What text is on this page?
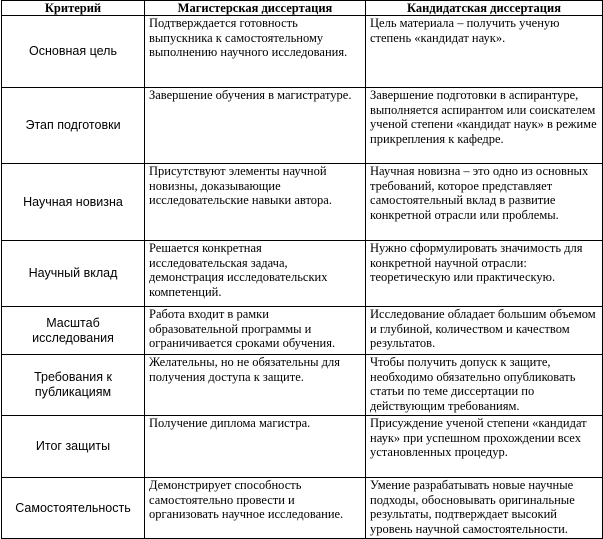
Критерий	Магистерская диссертация	Кандидатская диссертация
Основная цель	Подтверждается готовность выпускника к самостоятельному выполнению научного исследования.	Цель материала – получить ученую степень «кандидат наук».
Этап подготовки	Завершение обучения в магистратуре.	Завершение подготовки в аспирантуре, выполняется аспирантом или соискателем ученой степени «кандидат наук» в режиме прикрепления к кафедре.
Научная новизна	Присутствуют элементы научной новизны, доказывающие исследовательские навыки автора.	Научная новизна – это одно из основных требований, которое представляет самостоятельный вклад в развитие конкретной отрасли или проблемы.
Научный вклад	Решается конкретная исследовательская задача, демонстрация исследовательских компетенций.	Нужно сформулировать значимость для конкретной научной отрасли: теоретическую или практическую.
Масштаб исследования	Работа входит в рамки образовательной программы и ограничивается сроками обучения.	Исследование обладает большим объемом и глубиной, количеством и качеством результатов.
Требования к публикациям	Желательны, но не обязательны для получения доступа к защите.	Чтобы получить допуск к защите, необходимо обязательно опубликовать статьи по теме диссертации по действующим требованиям.
Итог защиты	Получение диплома магистра.	Присуждение ученой степени «кандидат наук» при успешном прохождении всех установленных процедур.
Самостоятельность	Демонстрирует способность самостоятельно провести и организовать научное исследование.	Умение разрабатывать новые научные подходы, обосновывать оригинальные результаты, подтверждает высокий уровень научной самостоятельности.
